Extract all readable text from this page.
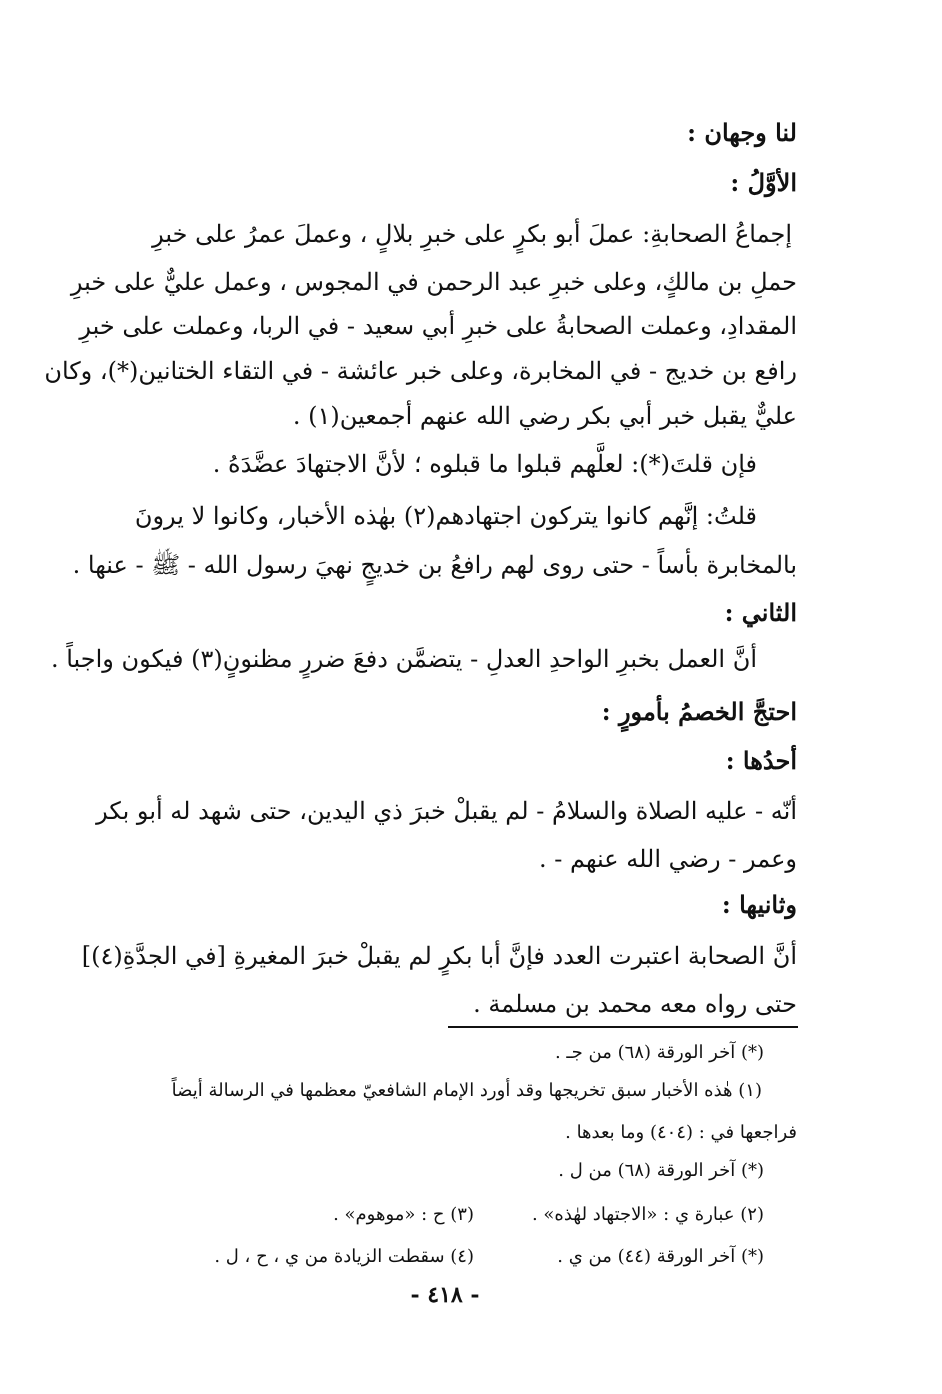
لنا وجهان :

الأوَّلُ :

إجماعُ الصحابةِ: عملَ أبو بكرٍ على خبرِ بلالٍ ، وعملَ عمرُ على خبرِ

حملِ بن مالكٍ، وعلى خبرِ عبد الرحمن في المجوس ، وعمل عليٌّ على خبرِ

المقدادِ، وعملت الصحابةُ على خبرِ أبي سعيد - في الربا، وعملت على خبرِ

رافع بن خديج - في المخابرة، وعلى خبر عائشة - في التقاء الختانين(*)، وكان

عليٌّ يقبل خبر أبي بكر رضي الله عنهم أجمعين(١) .

فإن قلتَ(*): لعلَّهم قبلوا ما قبلوه ؛ لأنَّ الاجتهادَ عضَّدَهُ .

قلتُ: إنَّهم كانوا يتركون اجتهادهم(٢) بهٰذه الأخبار، وكانوا لا يرونَ

بالمخابرة بأساً - حتى روى لهم رافعُ بن خديجٍ نهيَ رسول الله - ﷺ - عنها .

الثاني :

أنَّ العمل بخبرِ الواحدِ العدلِ - يتضمَّن دفعَ ضررٍ مظنونٍ(٣) فيكون واجباً .

احتجَّ الخصمُ بأمورٍ :

أحدُها :

أنّه - عليه الصلاة والسلامُ - لم يقبلْ خبرَ ذي اليدين، حتى شهد له أبو بكر

وعمر - رضي الله عنهم - .

وثانيها :

أنَّ الصحابة اعتبرت العدد فإنَّ أبا بكرٍ لم يقبلْ خبرَ المغيرةِ [في الجدَّةِ(٤)]

حتى رواه معه محمد بن مسلمة .

(*) آخر الورقة (٦٨) من جـ .

(١) هٰذه الأخبار سبق تخريجها وقد أورد الإمام الشافعيّ معظمها في الرسالة أيضاً

فراجعها في : (٤٠٤) وما بعدها .

(*) آخر الورقة (٦٨) من ل .

(٢) عبارة ي : «الاجتهاد لهٰذه» .

(٣) ح : «موهوم» .

(*) آخر الورقة (٤٤) من ي .

(٤) سقطت الزيادة من ي ، ح ، ل .

- ٤١٨ -
